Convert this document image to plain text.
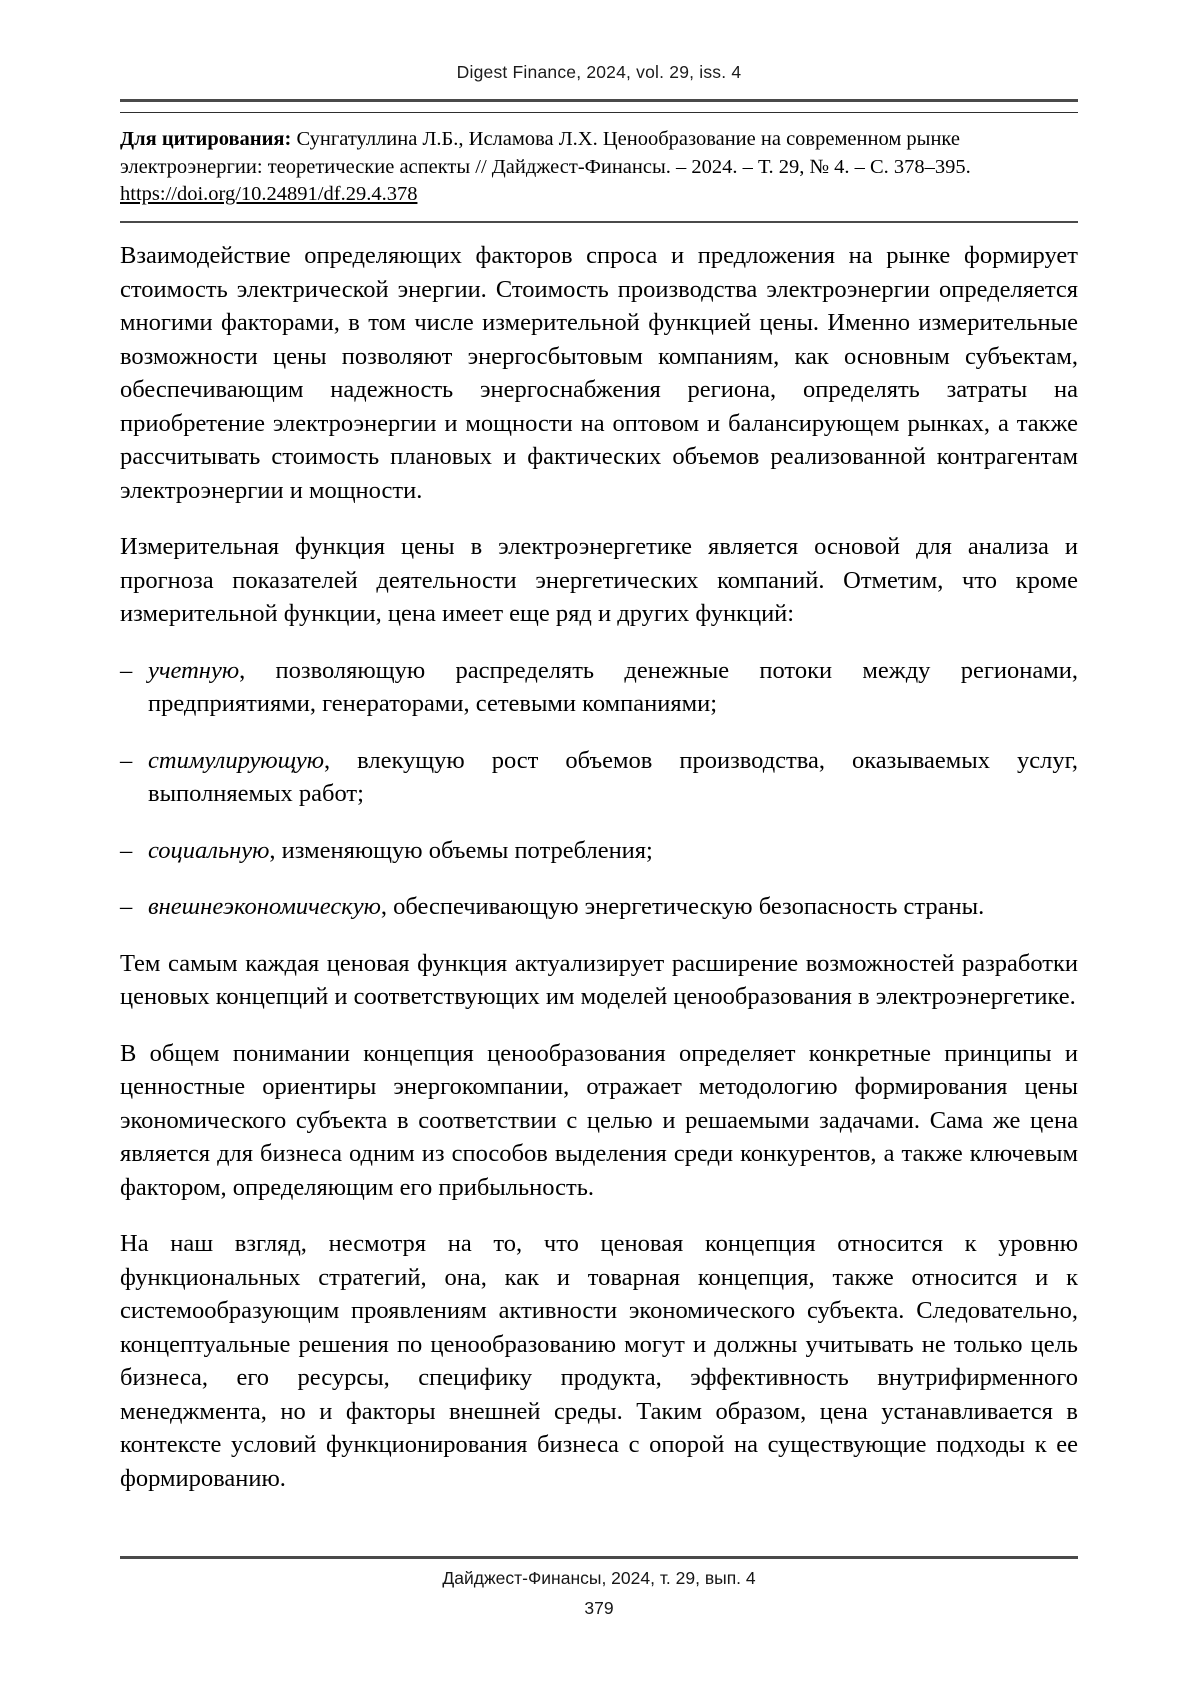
Digest Finance, 2024, vol. 29, iss. 4

Для цитирования: Сунгатуллина Л.Б., Исламова Л.Х. Ценообразование на современном рынке электроэнергии: теоретические аспекты // Дайджест-Финансы. – 2024. – Т. 29, № 4. – С. 378–395.

https://doi.org/10.24891/df.29.4.378

Взаимодействие определяющих факторов спроса и предложения на рынке формирует стоимость электрической энергии. Стоимость производства электроэнергии определяется многими факторами, в том числе измерительной функцией цены. Именно измерительные возможности цены позволяют энергосбытовым компаниям, как основным субъектам, обеспечивающим надежность энергоснабжения региона, определять затраты на приобретение электроэнергии и мощности на оптовом и балансирующем рынках, а также рассчитывать стоимость плановых и фактических объемов реализованной контрагентам электроэнергии и мощности.

Измерительная функция цены в электроэнергетике является основой для анализа и прогноза показателей деятельности энергетических компаний. Отметим, что кроме измерительной функции, цена имеет еще ряд и других функций:

– учетную, позволяющую распределять денежные потоки между регионами, предприятиями, генераторами, сетевыми компаниями;
– стимулирующую, влекущую рост объемов производства, оказываемых услуг, выполняемых работ;
– социальную, изменяющую объемы потребления;
– внешнеэкономическую, обеспечивающую энергетическую безопасность страны.

Тем самым каждая ценовая функция актуализирует расширение возможностей разработки ценовых концепций и соответствующих им моделей ценообразования в электроэнергетике.

В общем понимании концепция ценообразования определяет конкретные принципы и ценностные ориентиры энергокомпании, отражает методологию формирования цены экономического субъекта в соответствии с целью и решаемыми задачами. Сама же цена является для бизнеса одним из способов выделения среди конкурентов, а также ключевым фактором, определяющим его прибыльность.

На наш взгляд, несмотря на то, что ценовая концепция относится к уровню функциональных стратегий, она, как и товарная концепция, также относится и к системообразующим проявлениям активности экономического субъекта. Следовательно, концептуальные решения по ценообразованию могут и должны учитывать не только цель бизнеса, его ресурсы, специфику продукта, эффективность внутрифирменного менеджмента, но и факторы внешней среды. Таким образом, цена устанавливается в контексте условий функционирования бизнеса с опорой на существующие подходы к ее формированию.

Дайджест-Финансы, 2024, т. 29, вып. 4
379
